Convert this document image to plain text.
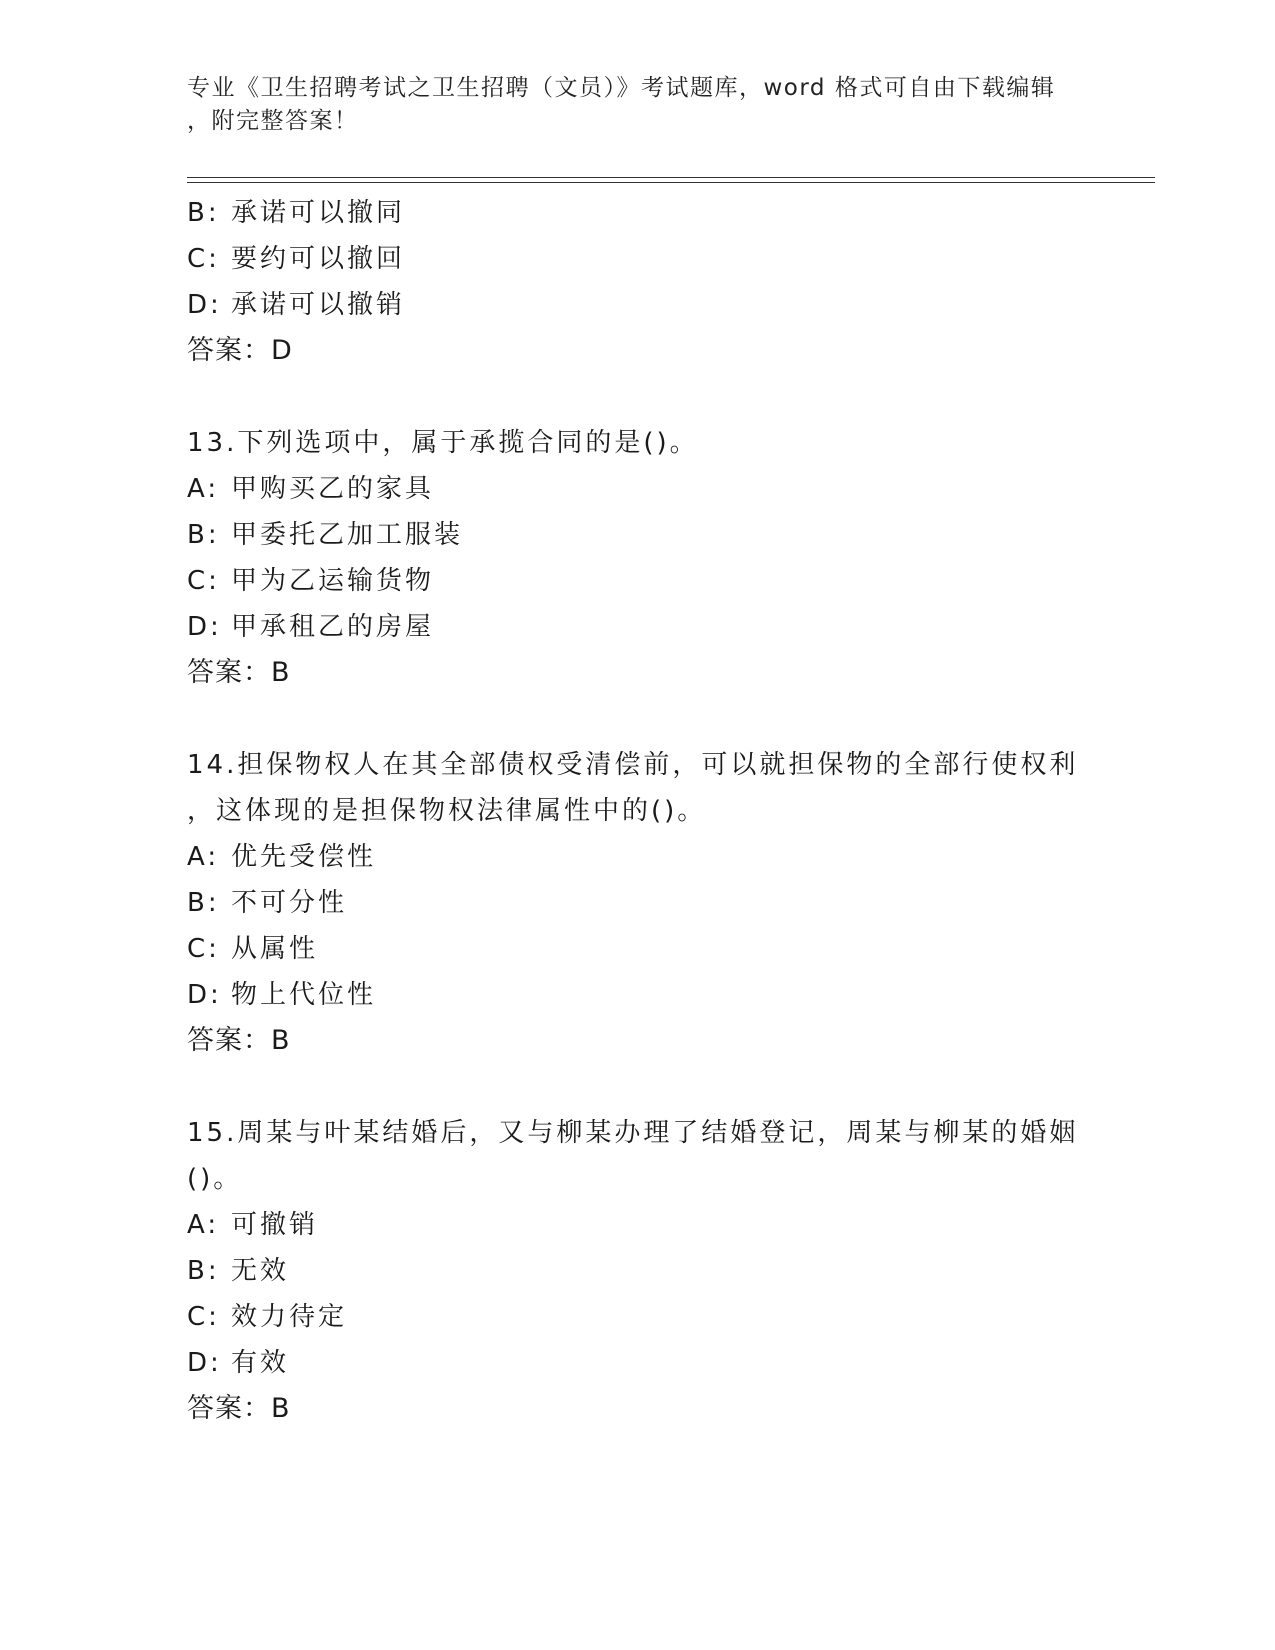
专业《卫生招聘考试之卫生招聘（文员）》考试题库，word 格式可自由下载编辑
，附完整答案！
B: 承诺可以撤同
C: 要约可以撤回
D: 承诺可以撤销
答案：D
13.下列选项中，属于承揽合同的是()。
A: 甲购买乙的家具
B: 甲委托乙加工服装
C: 甲为乙运输货物
D: 甲承租乙的房屋
答案：B
14.担保物权人在其全部债权受清偿前，可以就担保物的全部行使权利
，这体现的是担保物权法律属性中的()。
A: 优先受偿性
B: 不可分性
C: 从属性
D: 物上代位性
答案：B
15.周某与叶某结婚后，又与柳某办理了结婚登记，周某与柳某的婚姻
()。
A: 可撤销
B: 无效
C: 效力待定
D: 有效
答案：B
